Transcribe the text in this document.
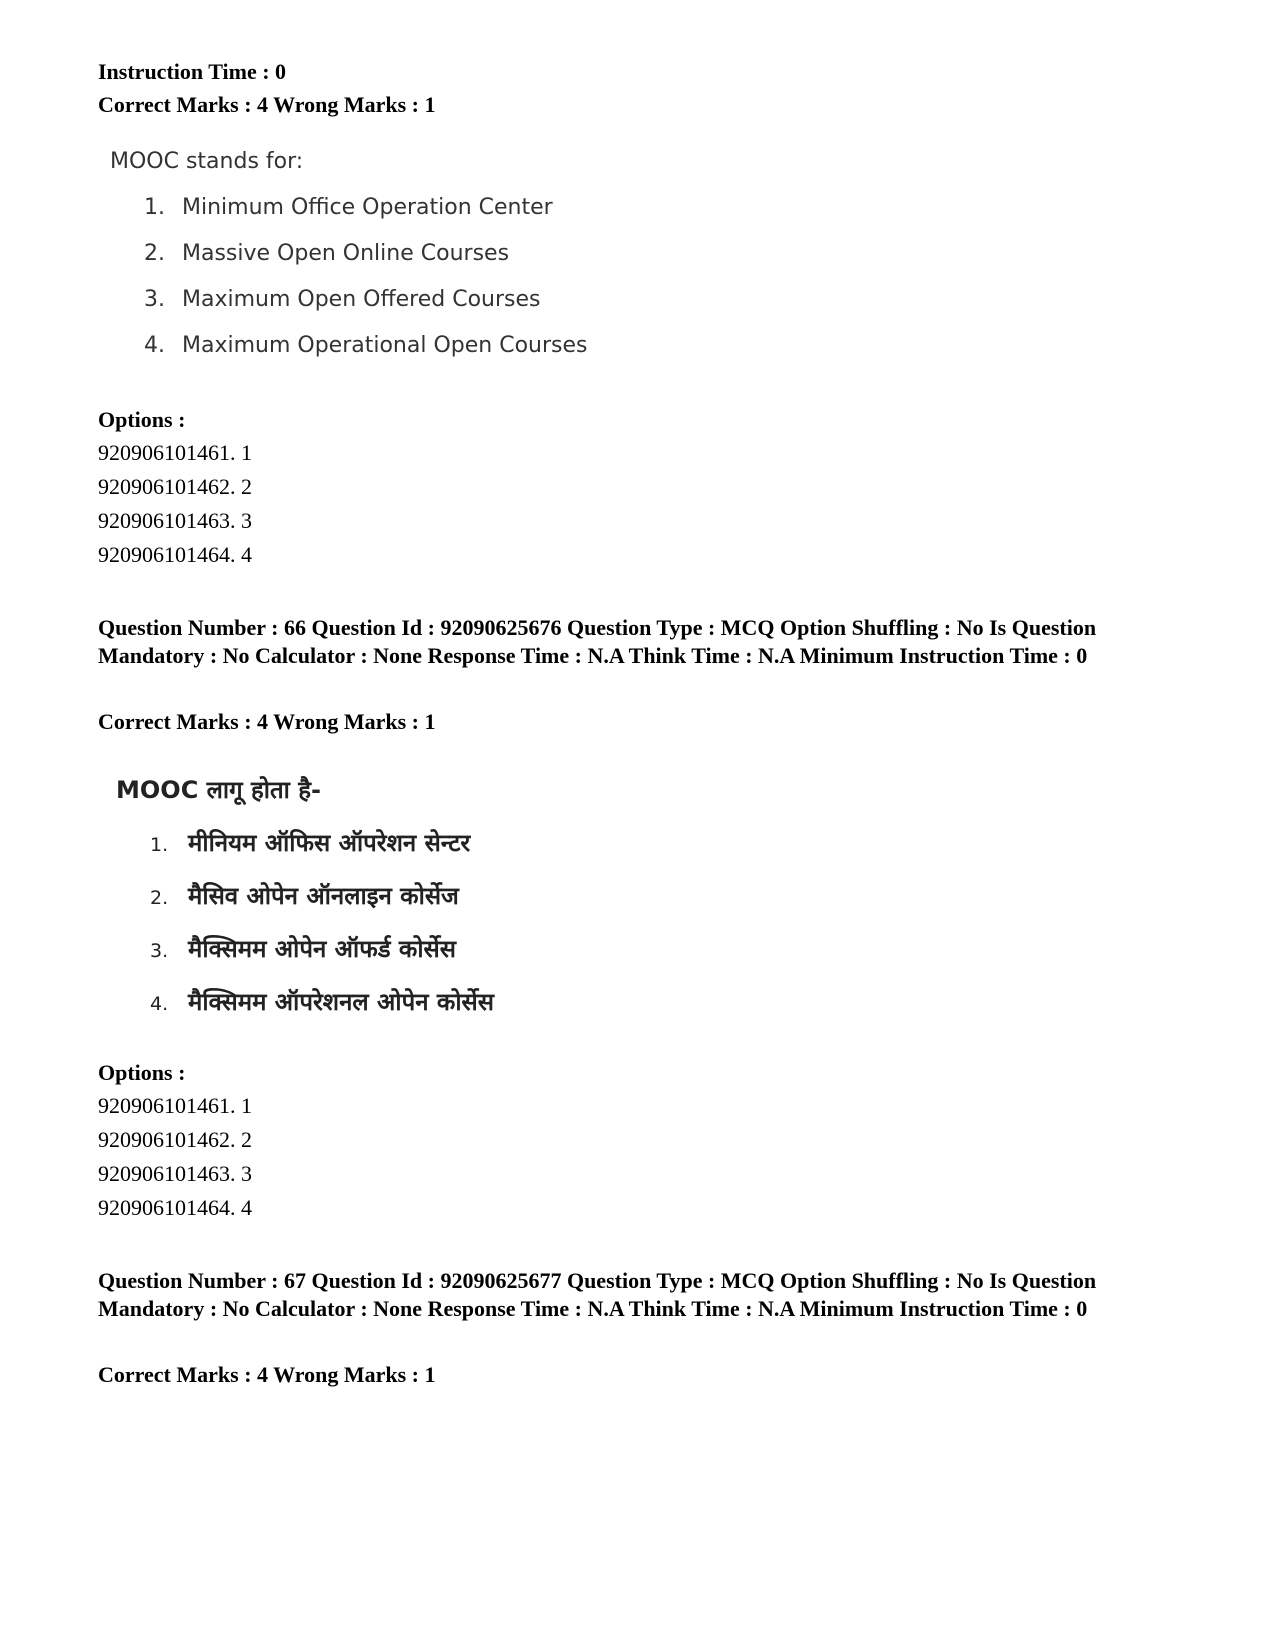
Instruction Time : 0
Correct Marks : 4 Wrong Marks : 1
MOOC stands for:
1. Minimum Office Operation Center
2. Massive Open Online Courses
3. Maximum Open Offered Courses
4. Maximum Operational Open Courses
Options :
920906101461. 1
920906101462. 2
920906101463. 3
920906101464. 4

Question Number : 66 Question Id : 92090625676 Question Type : MCQ Option Shuffling : No Is Question Mandatory : No Calculator : None Response Time : N.A Think Time : N.A Minimum Instruction Time : 0

Correct Marks : 4 Wrong Marks : 1
MOOC लागू होता है-
1. मीनियम ऑफिस ऑपरेशन सेन्टर
2. मैसिव ओपेन ऑनलाइन कोर्सेज
3. मैक्सिमम ओपेन ऑफर्ड कोर्सेस
4. मैक्सिमम ऑपरेशनल ओपेन कोर्सेस
Options :
920906101461. 1
920906101462. 2
920906101463. 3
920906101464. 4

Question Number : 67 Question Id : 92090625677 Question Type : MCQ Option Shuffling : No Is Question Mandatory : No Calculator : None Response Time : N.A Think Time : N.A Minimum Instruction Time : 0

Correct Marks : 4 Wrong Marks : 1
